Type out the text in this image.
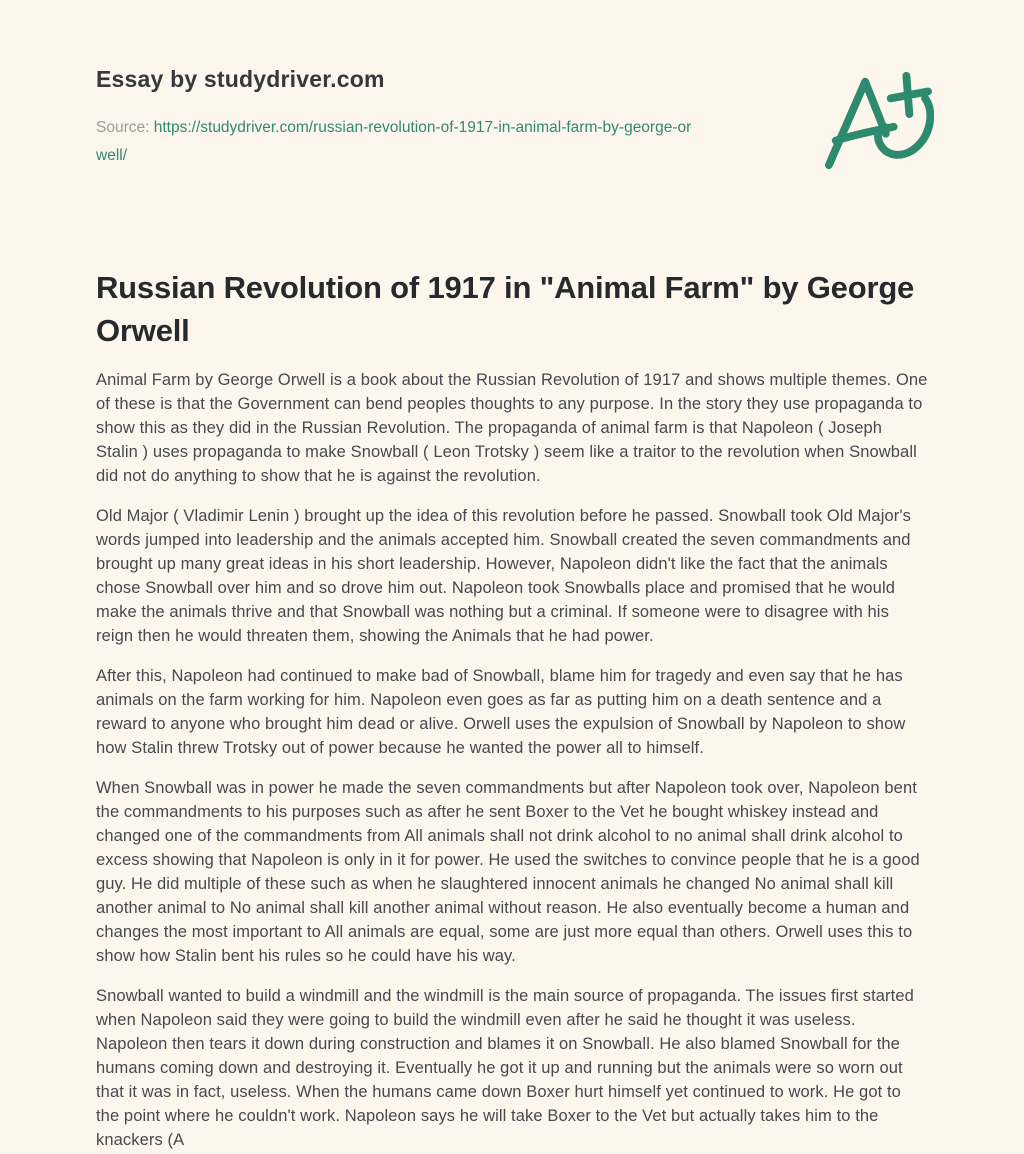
Essay by studydriver.com
Source: https://studydriver.com/russian-revolution-of-1917-in-animal-farm-by-george-orwell/
Russian Revolution of 1917 in "Animal Farm" by George Orwell

Animal Farm by George Orwell is a book about the Russian Revolution of 1917 and shows multiple themes. One of these is that the Government can bend peoples thoughts to any purpose. In the story they use propaganda to show this as they did in the Russian Revolution. The propaganda of animal farm is that Napoleon ( Joseph Stalin ) uses propaganda to make Snowball ( Leon Trotsky ) seem like a traitor to the revolution when Snowball did not do anything to show that he is against the revolution.

Old Major ( Vladimir Lenin ) brought up the idea of this revolution before he passed. Snowball took Old Major's words jumped into leadership and the animals accepted him. Snowball created the seven commandments and brought up many great ideas in his short leadership. However, Napoleon didn't like the fact that the animals chose Snowball over him and so drove him out. Napoleon took Snowballs place and promised that he would make the animals thrive and that Snowball was nothing but a criminal. If someone were to disagree with his reign then he would threaten them, showing the Animals that he had power.

After this, Napoleon had continued to make bad of Snowball, blame him for tragedy and even say that he has animals on the farm working for him. Napoleon even goes as far as putting him on a death sentence and a reward to anyone who brought him dead or alive. Orwell uses the expulsion of Snowball by Napoleon to show how Stalin threw Trotsky out of power because he wanted the power all to himself.

When Snowball was in power he made the seven commandments but after Napoleon took over, Napoleon bent the commandments to his purposes such as after he sent Boxer to the Vet he bought whiskey instead and changed one of the commandments from All animals shall not drink alcohol to no animal shall drink alcohol to excess showing that Napoleon is only in it for power. He used the switches to convince people that he is a good guy. He did multiple of these such as when he slaughtered innocent animals he changed No animal shall kill another animal to No animal shall kill another animal without reason. He also eventually become a human and changes the most important to All animals are equal, some are just more equal than others. Orwell uses this to show how Stalin bent his rules so he could have his way.

Snowball wanted to build a windmill and the windmill is the main source of propaganda. The issues first started when Napoleon said they were going to build the windmill even after he said he thought it was useless. Napoleon then tears it down during construction and blames it on Snowball. He also blamed Snowball for the humans coming down and destroying it. Eventually he got it up and running but the animals were so worn out that it was in fact, useless. When the humans came down Boxer hurt himself yet continued to work. He got to the point where he couldn't work. Napoleon says he will take Boxer to the Vet but actually takes him to the knackers (A
